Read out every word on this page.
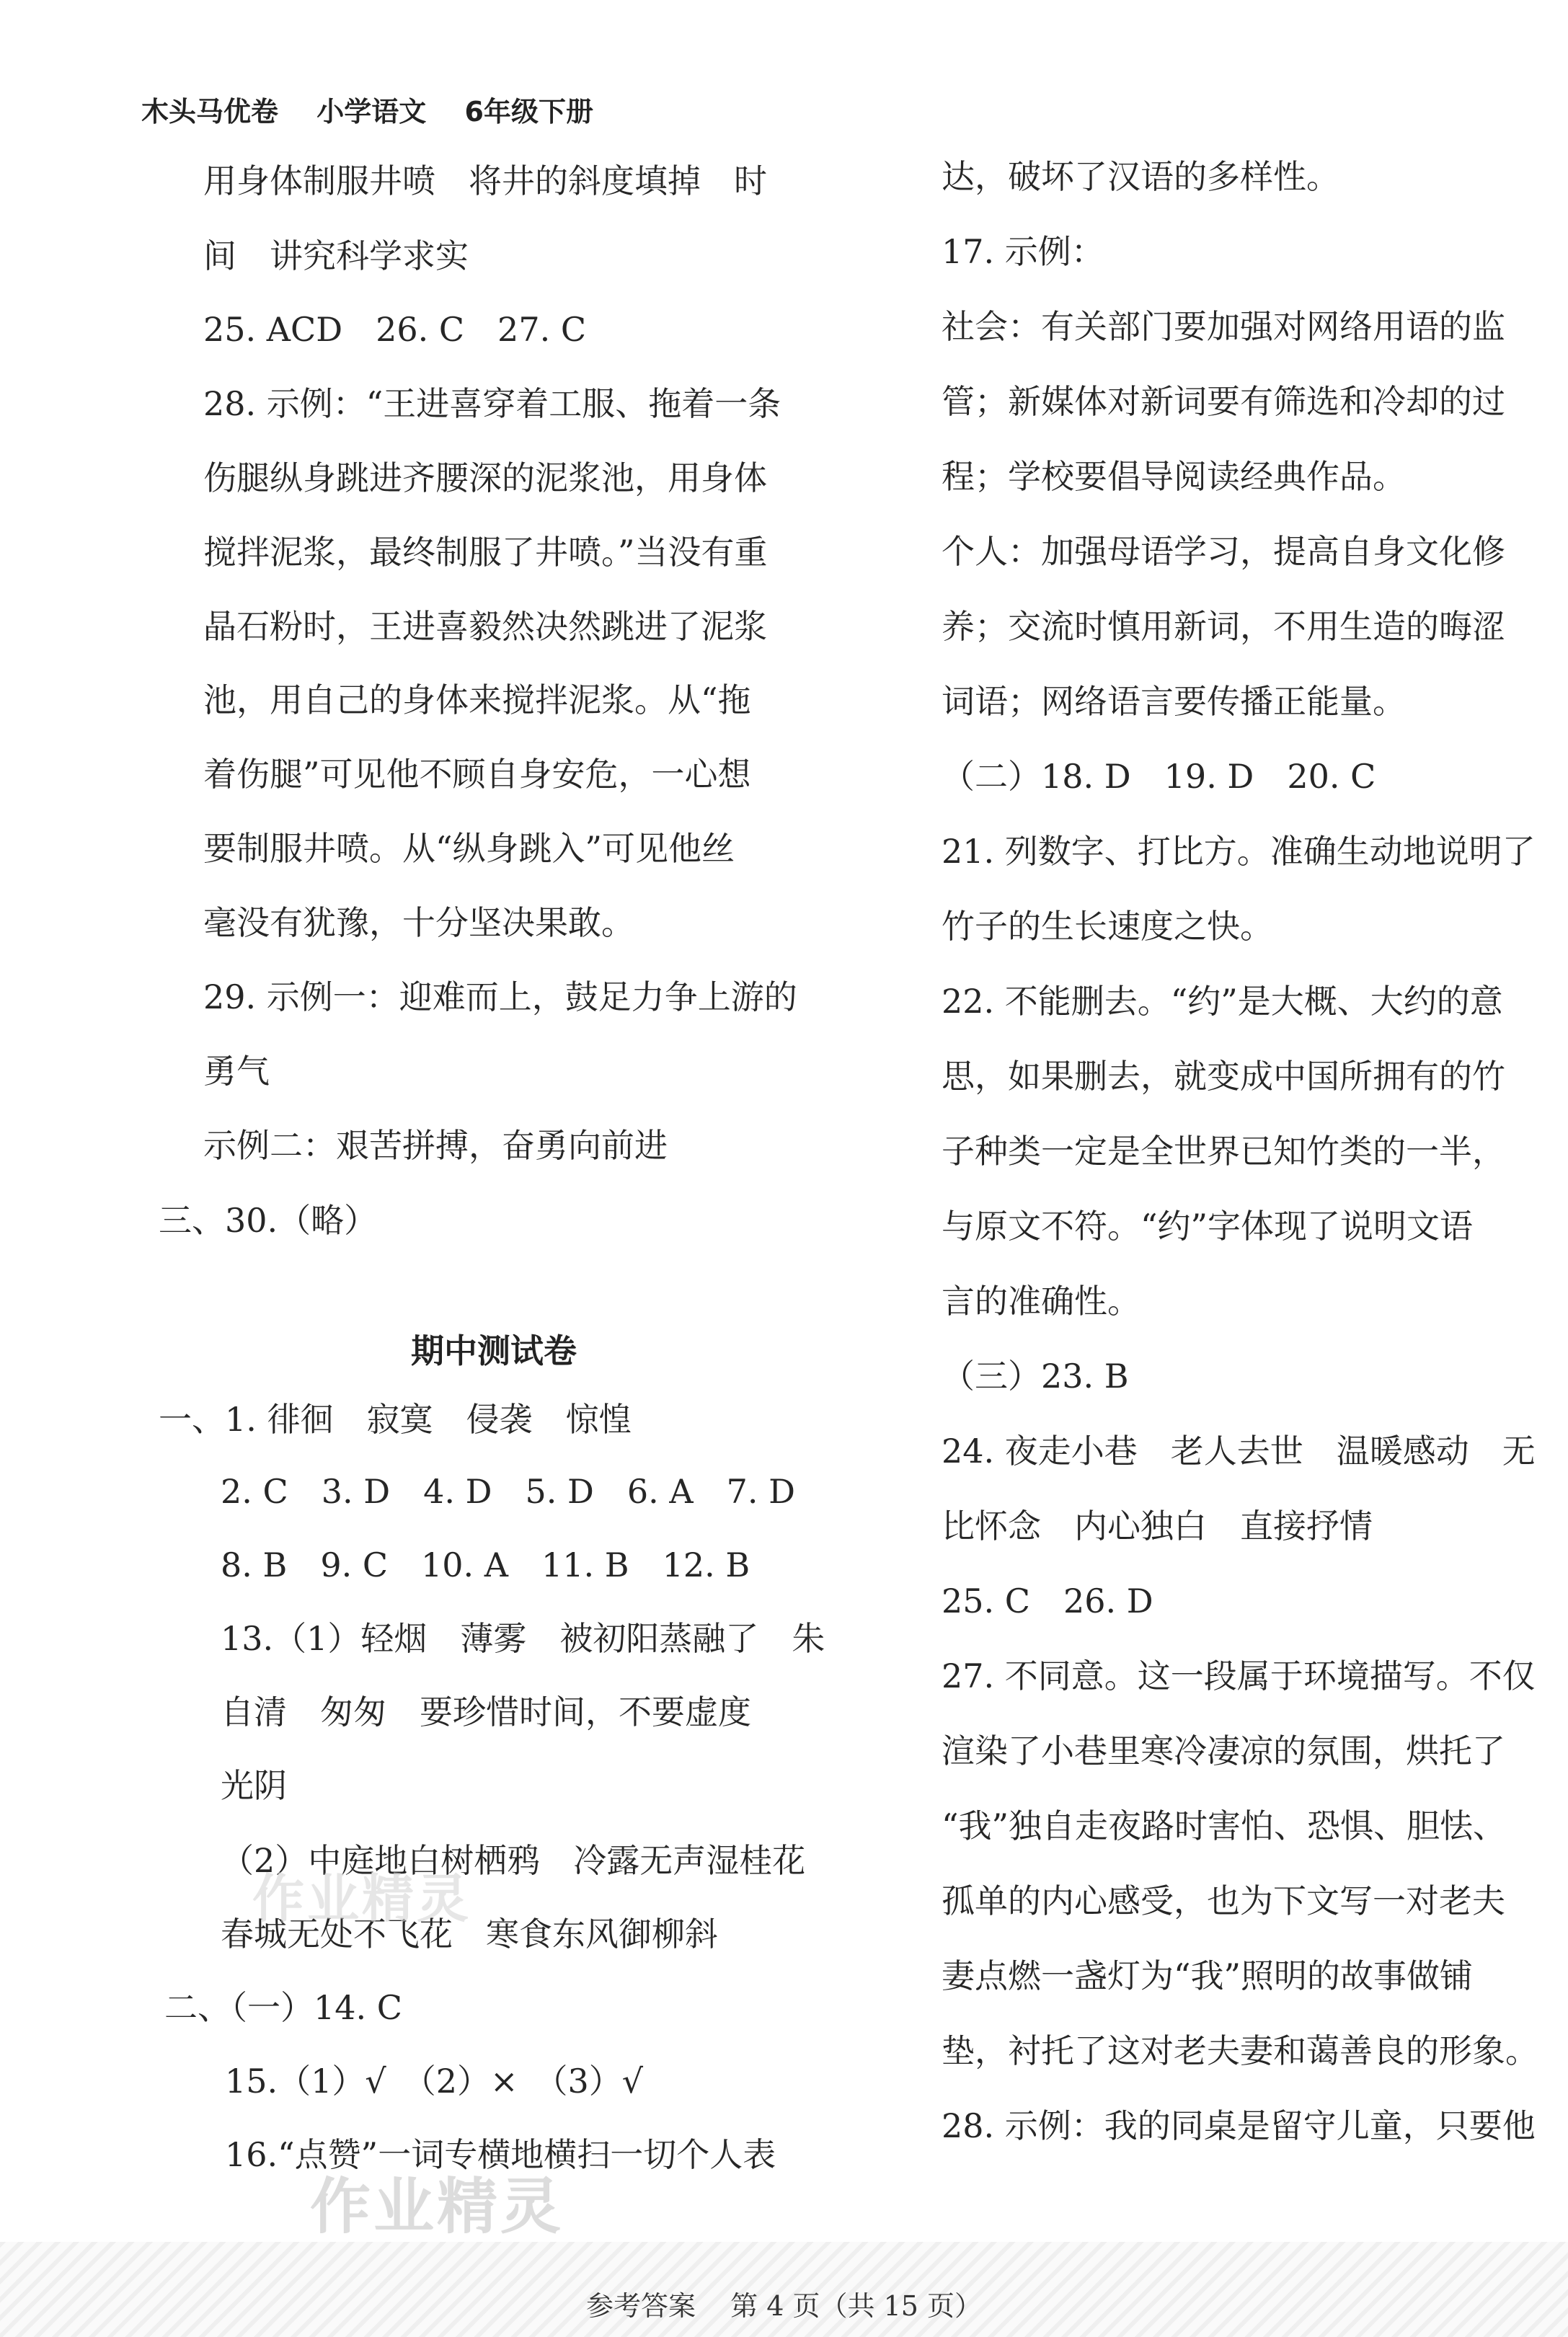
木头马优卷 小学语文 6年级下册
用身体制服井喷　将井的斜度填掉　时
间　讲究科学求实
25. ACD　26. C　27. C
28. 示例：“王进喜穿着工服、拖着一条
伤腿纵身跳进齐腰深的泥浆池，用身体
搅拌泥浆，最终制服了井喷。”当没有重
晶石粉时，王进喜毅然决然跳进了泥浆
池，用自己的身体来搅拌泥浆。从“拖
着伤腿”可见他不顾自身安危，一心想
要制服井喷。从“纵身跳入”可见他丝
毫没有犹豫，十分坚决果敢。
29. 示例一：迎难而上，鼓足力争上游的
勇气
示例二：艰苦拼搏，奋勇向前进
三、30.（略）
期中测试卷
一、1. 徘徊　寂寞　侵袭　惊惶
2. C　3. D　4. D　5. D　6. A　7. D
8. B　9. C　10. A　11. B　12. B
13.（1）轻烟　薄雾　被初阳蒸融了　朱
自清　匆匆　要珍惜时间，不要虚度
光阴
（2）中庭地白树栖鸦　冷露无声湿桂花
春城无处不飞花　寒食东风御柳斜
二、（一）14. C
15.（1）√　（2）×　（3）√
16.“点赞”一词专横地横扫一切个人表
达，破坏了汉语的多样性。
17. 示例：
社会：有关部门要加强对网络用语的监
管；新媒体对新词要有筛选和冷却的过
程；学校要倡导阅读经典作品。
个人：加强母语学习，提高自身文化修
养；交流时慎用新词，不用生造的晦涩
词语；网络语言要传播正能量。
（二）18. D　19. D　20. C
21. 列数字、打比方。准确生动地说明了
竹子的生长速度之快。
22. 不能删去。“约”是大概、大约的意
思，如果删去，就变成中国所拥有的竹
子种类一定是全世界已知竹类的一半，
与原文不符。“约”字体现了说明文语
言的准确性。
（三）23. B
24. 夜走小巷　老人去世　温暖感动　无
比怀念　内心独白　直接抒情
25. C　26. D
27. 不同意。这一段属于环境描写。不仅
渲染了小巷里寒冷凄凉的氛围，烘托了
“我”独自走夜路时害怕、恐惧、胆怯、
孤单的内心感受，也为下文写一对老夫
妻点燃一盏灯为“我”照明的故事做铺
垫，衬托了这对老夫妻和蔼善良的形象。
28. 示例：我的同桌是留守儿童，只要他
作业精灵
作业精灵
参考答案 第 4 页（共 15 页）
